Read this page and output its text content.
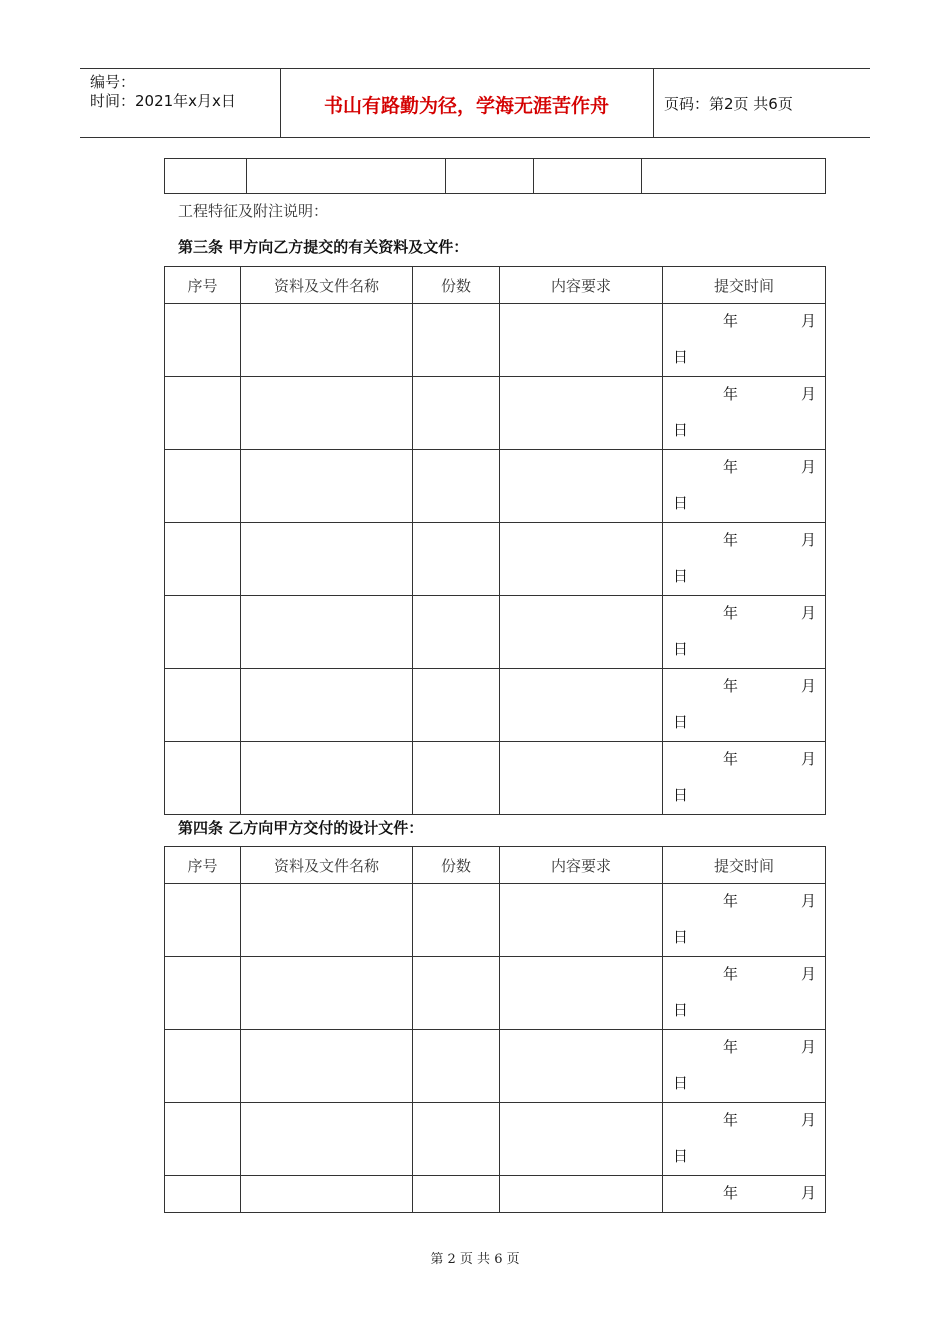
编号：
时间：2021年x月x日	书山有路勤为径，学海无涯苦作舟	页码：第2页 共6页

工程特征及附注说明：
第三条 甲方向乙方提交的有关资料及文件：
序号	资料及文件名称	份数	内容要求	提交时间

				年 月
日

				年 月
日

				年 月
日

				年 月
日

				年 月
日

				年 月
日

				年 月
日
第四条 乙方向甲方交付的设计文件：
序号	资料及文件名称	份数	内容要求	提交时间

				年 月
日

				年 月
日

				年 月
日

				年 月
日

				年 月
第 2 页 共 6 页
